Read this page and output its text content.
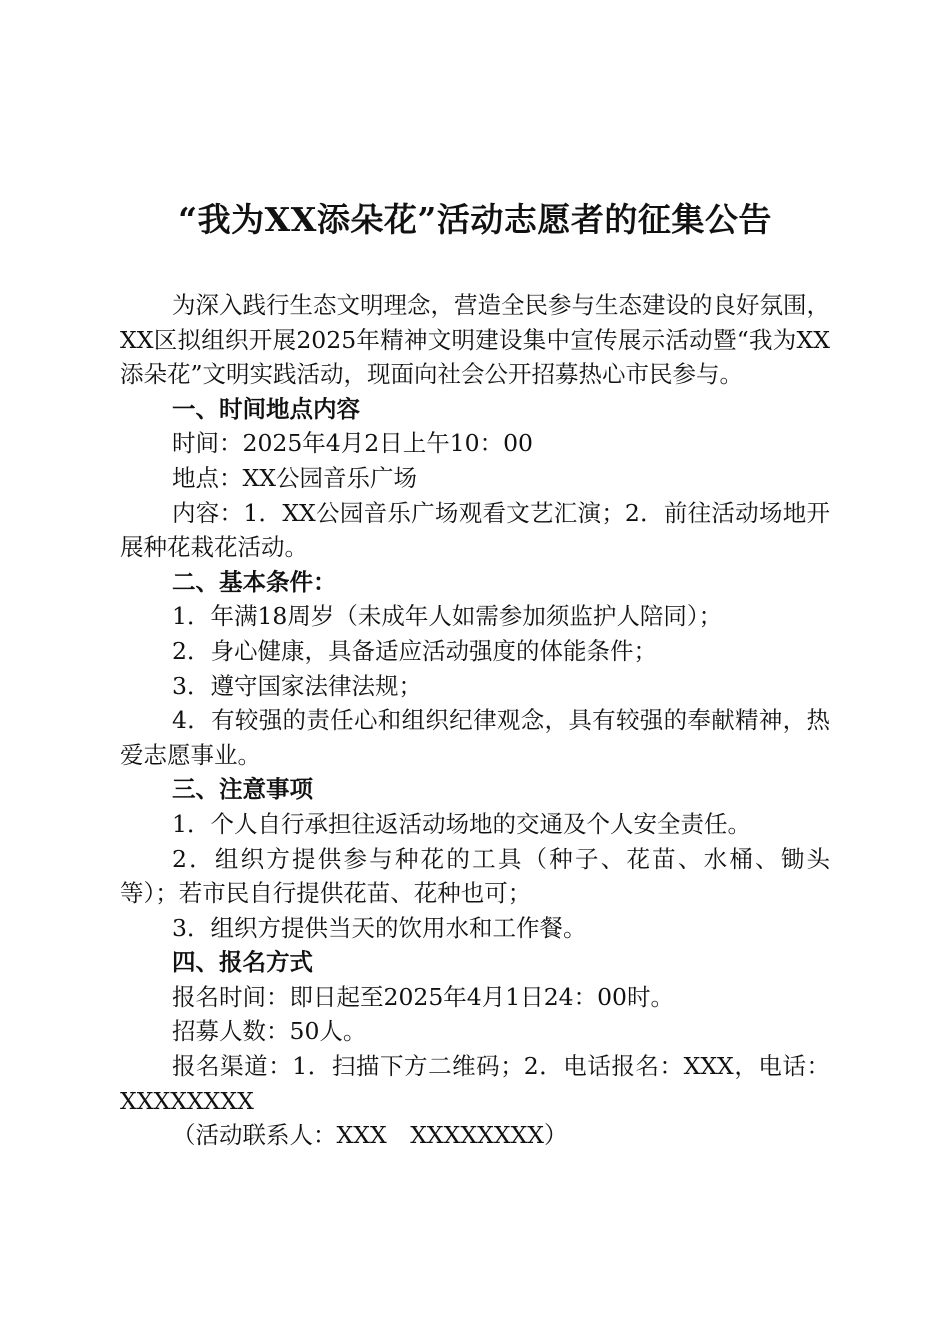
“我为XX添朵花”活动志愿者的征集公告

为深入践行生态文明理念，营造全民参与生态建设的良好氛围，XX区拟组织开展2025年精神文明建设集中宣传展示活动暨“我为XX添朵花”文明实践活动，现面向社会公开招募热心市民参与。

一、时间地点内容

时间：2025年4月2日上午10：00

地点：XX公园音乐广场

内容：1．XX公园音乐广场观看文艺汇演；2．前往活动场地开展种花栽花活动。

二、基本条件：

1．年满18周岁（未成年人如需参加须监护人陪同）；

2．身心健康，具备适应活动强度的体能条件；

3．遵守国家法律法规；

4．有较强的责任心和组织纪律观念，具有较强的奉献精神，热爱志愿事业。

三、注意事项

1．个人自行承担往返活动场地的交通及个人安全责任。

2．组织方提供参与种花的工具（种子、花苗、水桶、锄头等）；若市民自行提供花苗、花种也可；

3．组织方提供当天的饮用水和工作餐。

四、报名方式

报名时间：即日起至2025年4月1日24：00时。

招募人数：50人。

报名渠道：1．扫描下方二维码；2．电话报名：XXX，电话：XXXXXXXX

（活动联系人：XXX　XXXXXXXX）
